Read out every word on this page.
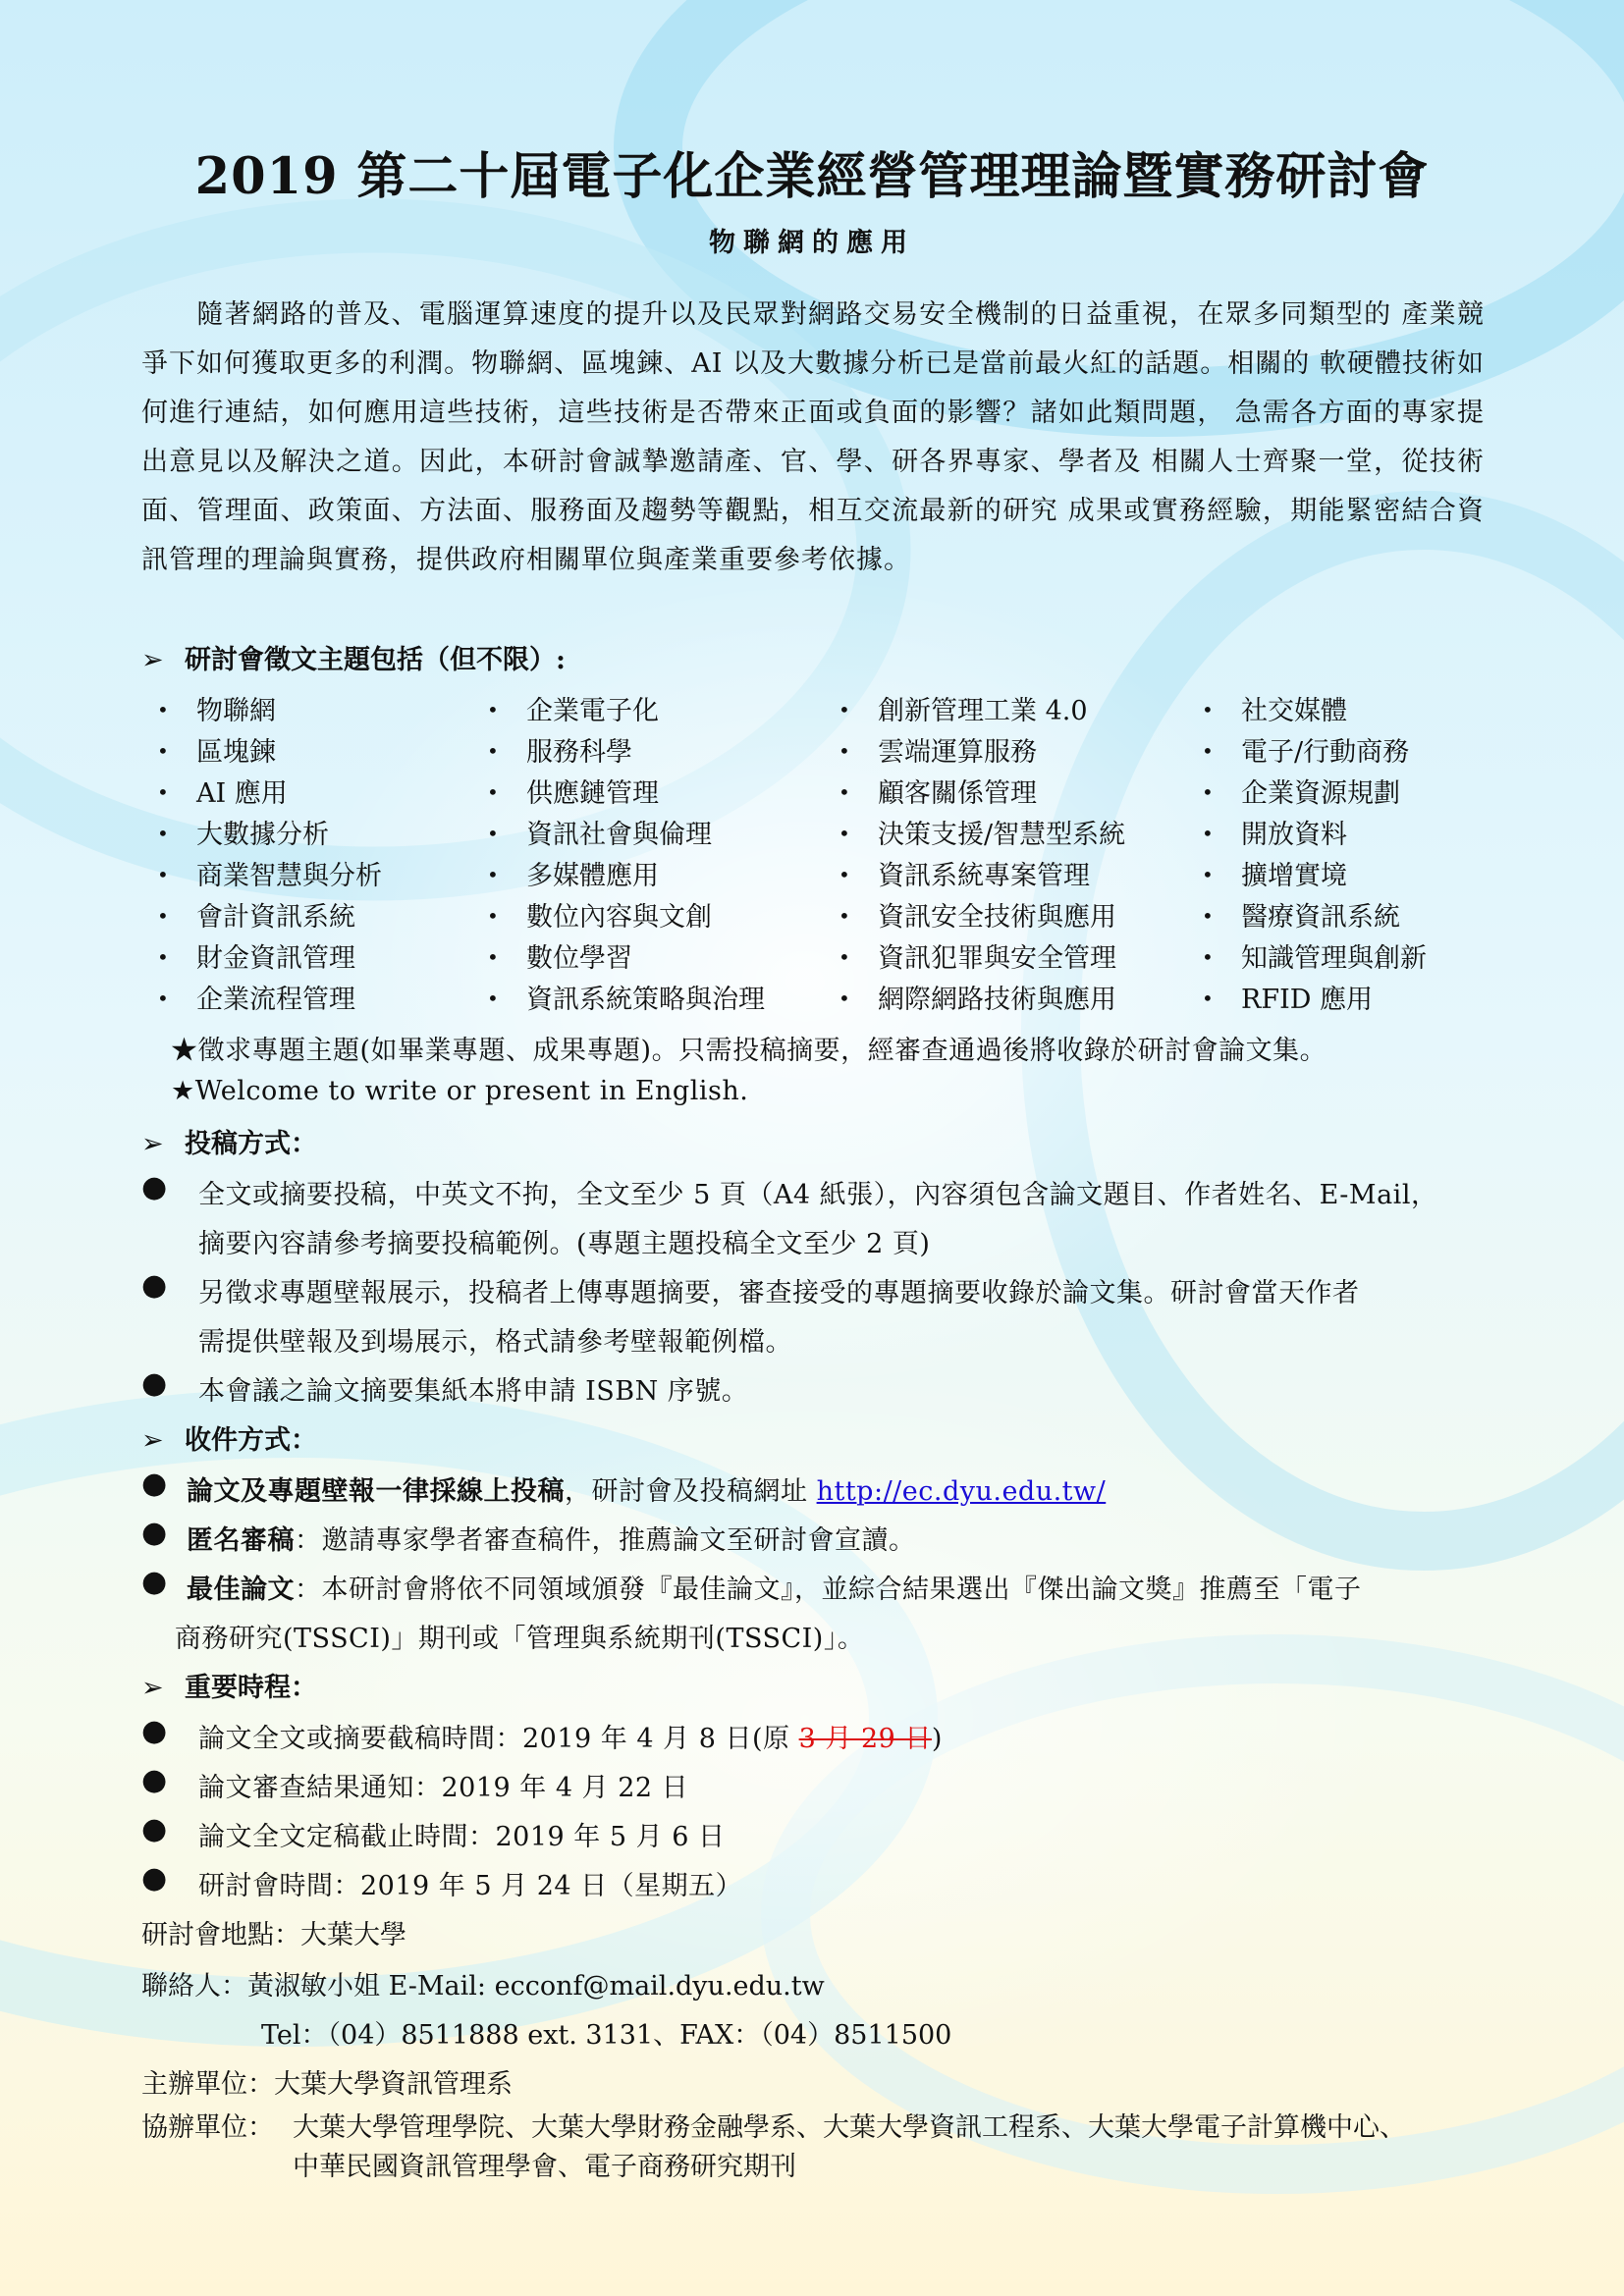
2019 第二十屆電子化企業經營管理理論暨實務研討會
物聯網的應用
隨著網路的普及、電腦運算速度的提升以及民眾對網路交易安全機制的日益重視，在眾多同類型的 產業競爭下如何獲取更多的利潤。物聯網、區塊鍊、AI 以及大數據分析已是當前最火紅的話題。相關的 軟硬體技術如何進行連結，如何應用這些技術，這些技術是否帶來正面或負面的影響？諸如此類問題， 急需各方面的專家提出意見以及解決之道。因此，本研討會誠摯邀請產、官、學、研各界專家、學者及 相關人士齊聚一堂，從技術面、管理面、政策面、方法面、服務面及趨勢等觀點，相互交流最新的研究 成果或實務經驗，期能緊密結合資訊管理的理論與實務，提供政府相關單位與產業重要參考依據。
➢ 研討會徵文主題包括（但不限）:
• 物聯網
• 區塊鍊
• AI 應用
• 大數據分析
• 商業智慧與分析
• 會計資訊系統
• 財金資訊管理
• 企業流程管理
• 企業電子化
• 服務科學
• 供應鏈管理
• 資訊社會與倫理
• 多媒體應用
• 數位內容與文創
• 數位學習
• 資訊系統策略與治理
• 創新管理工業 4.0
• 雲端運算服務
• 顧客關係管理
• 決策支援/智慧型系統
• 資訊系統專案管理
• 資訊安全技術與應用
• 資訊犯罪與安全管理
• 網際網路技術與應用
• 社交媒體
• 電子/行動商務
• 企業資源規劃
• 開放資料
• 擴增實境
• 醫療資訊系統
• 知識管理與創新
• RFID 應用
★徵求專題主題(如畢業專題、成果專題)。只需投稿摘要，經審查通過後將收錄於研討會論文集。
★Welcome to write or present in English.
➢ 投稿方式：
● 全文或摘要投稿，中英文不拘，全文至少 5 頁（A4 紙張），內容須包含論文題目、作者姓名、E-Mail，
摘要內容請參考摘要投稿範例。(專題主題投稿全文至少 2 頁)
● 另徵求專題壁報展示，投稿者上傳專題摘要，審查接受的專題摘要收錄於論文集。研討會當天作者
需提供壁報及到場展示，格式請參考壁報範例檔。
● 本會議之論文摘要集紙本將申請 ISBN 序號。
➢ 收件方式：
● 論文及專題壁報一律採線上投稿，研討會及投稿網址 http://ec.dyu.edu.tw/
● 匿名審稿：邀請專家學者審查稿件，推薦論文至研討會宣讀。
● 最佳論文：本研討會將依不同領域頒發『最佳論文』，並綜合結果選出『傑出論文獎』推薦至「電子
商務研究(TSSCI)」期刊或「管理與系統期刊(TSSCI)」。
➢ 重要時程：
● 論文全文或摘要截稿時間：2019 年 4 月 8 日(原 3 月 29 日)
● 論文審查結果通知：2019 年 4 月 22 日
● 論文全文定稿截止時間：2019 年 5 月 6 日
● 研討會時間：2019 年 5 月 24 日（星期五）
研討會地點：大葉大學
聯絡人：黃淑敏小姐 E-Mail: ecconf@mail.dyu.edu.tw
Tel：（04）8511888 ext. 3131、FAX：（04）8511500
主辦單位：大葉大學資訊管理系
協辦單位： 大葉大學管理學院、大葉大學財務金融學系、大葉大學資訊工程系、大葉大學電子計算機中心、
中華民國資訊管理學會、電子商務研究期刊
